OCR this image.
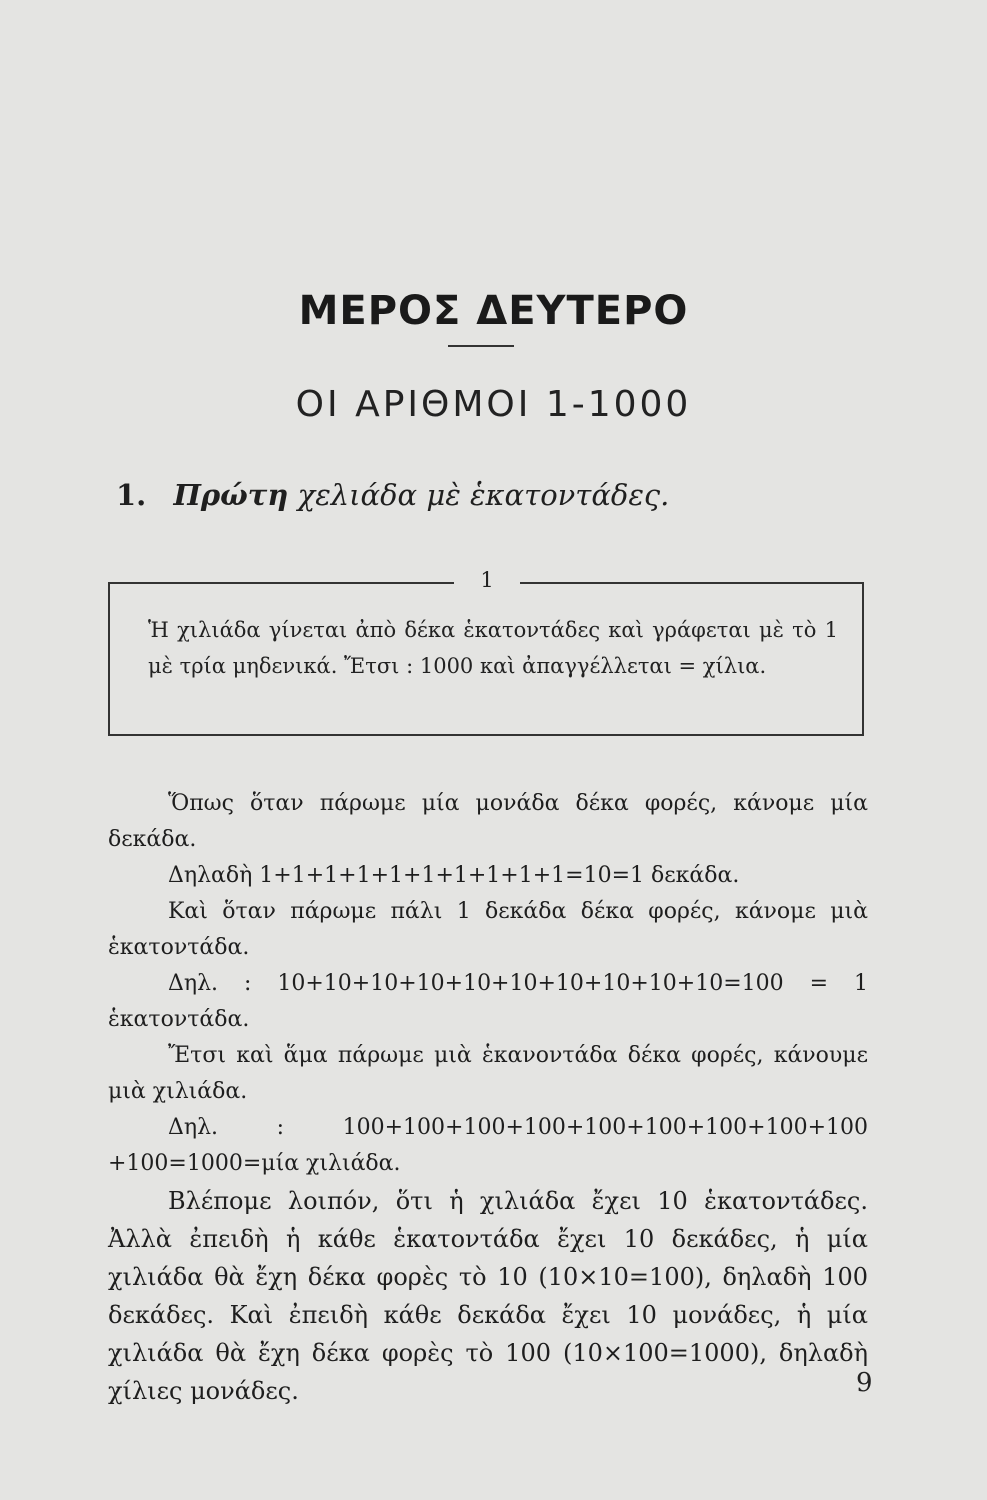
ΜΕΡΟΣ ΔΕΥΤΕΡΟ
ΟΙ ΑΡΙΘΜΟΙ 1-1000
1. Πρώτη χελιάδα μὲ ἑκατοντάδες.
1
Ἡ χιλιάδα γίνεται ἀπὸ δέκα ἑκατοντάδες καὶ γράφεται μὲ τὸ 1 μὲ τρία μηδενικά. Ἔτσι : 1000 καὶ ἀπαγγέλλεται = χίλια.

Ὅπως ὅταν πάρωμε μία μονάδα δέκα φορές, κάνομε μία δεκάδα.

Δηλαδὴ 1+1+1+1+1+1+1+1+1+1=10=1 δεκάδα.

Καὶ ὅταν πάρωμε πάλι 1 δεκάδα δέκα φορές, κάνομε μιὰ ἑκατοντάδα.

Δηλ. : 10+10+10+10+10+10+10+10+10+10=100 = 1 ἑκατοντάδα.

Ἔτσι καὶ ἅμα πάρωμε μιὰ ἑκανοντάδα δέκα φορές, κάνουμε μιὰ χιλιάδα.

Δηλ. : 100+100+100+100+100+100+100+100+100 +100=1000=μία χιλιάδα.

Βλέπομε λοιπόν, ὅτι ἡ χιλιάδα ἔχει 10 ἑκατοντάδες. Ἀλλὰ ἐπειδὴ ἡ κάθε ἑκατοντάδα ἔχει 10 δεκάδες, ἡ μία χιλιάδα θὰ ἔχη δέκα φορὲς τὸ 10 (10×10=100), δηλαδὴ 100 δεκάδες. Καὶ ἐπειδὴ κάθε δεκάδα ἔχει 10 μονάδες, ἡ μία χιλιάδα θὰ ἔχη δέκα φορὲς τὸ 100 (10×100=1000), δηλαδὴ χίλιες μονάδες.	9
